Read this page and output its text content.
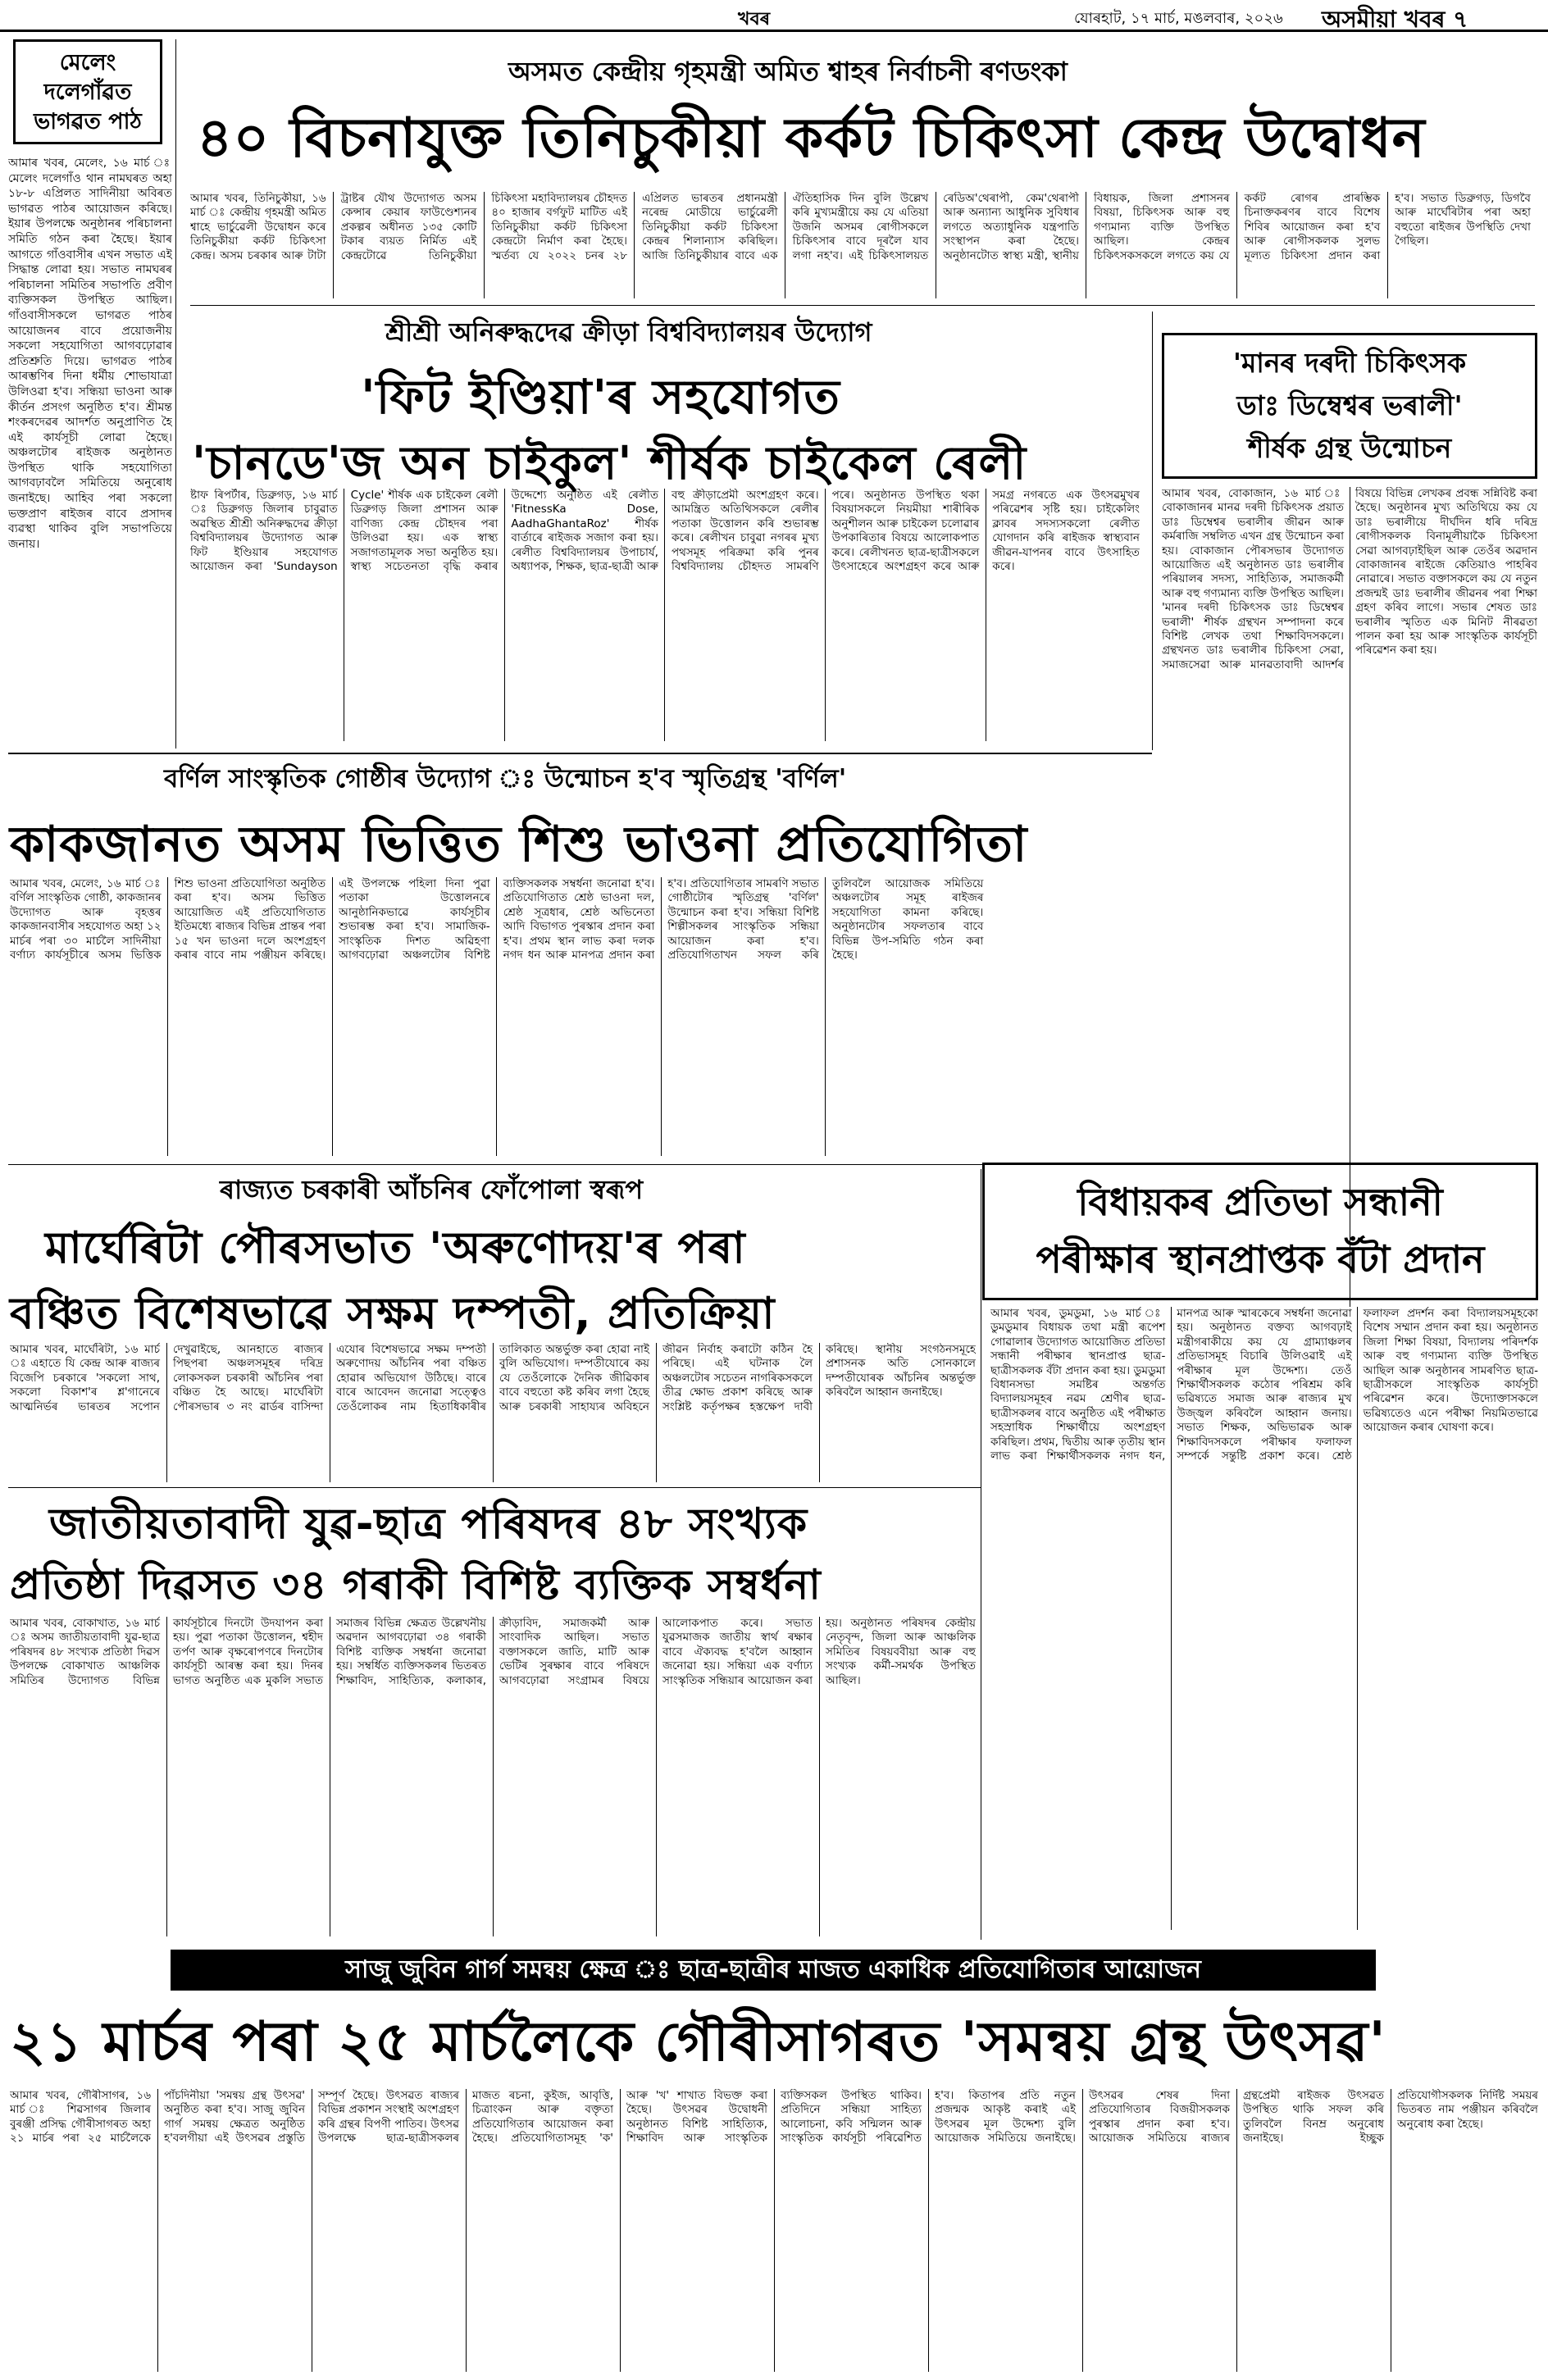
খবৰ	যোৰহাট, ১৭ মাৰ্চ, মঙলবাৰ, ২০২৬ অসমীয়া খবৰ ৭
মেলেং
দলেগাঁৱত
ভাগৱত পাঠ
আমাৰ খবৰ, মেলেং, ১৬ মাৰ্চ ঃ মেলেং দলেগাঁও থান নামঘৰত অহা ১৮-৮ এপ্ৰিলত সাদিনীয়া অবিৰত ভাগৱত পাঠৰ আয়োজন কৰিছে। ইয়াৰ উপলক্ষে অনুষ্ঠানৰ পৰিচালনা সমিতি গঠন কৰা হৈছে। ইয়াৰ আগতে গাঁওবাসীৰ এখন সভাত এই সিদ্ধান্ত লোৱা হয়। সভাত নামঘৰৰ পৰিচালনা সমিতিৰ সভাপতি প্ৰবীণ ব্যক্তিসকল উপস্থিত আছিল। গাঁওবাসীসকলে ভাগৱত পাঠৰ আয়োজনৰ বাবে প্ৰয়োজনীয় সকলো সহযোগিতা আগবঢ়োৱাৰ প্ৰতিশ্ৰুতি দিয়ে। ভাগৱত পাঠৰ আৰম্ভণিৰ দিনা ধৰ্মীয় শোভাযাত্ৰা উলিওৱা হ'ব। সন্ধিয়া ভাওনা আৰু কীৰ্তন প্ৰসংগ অনুষ্ঠিত হ'ব। শ্ৰীমন্ত শংকৰদেৱৰ আদৰ্শত অনুপ্ৰাণিত হৈ এই কাৰ্যসূচী লোৱা হৈছে। অঞ্চলটোৰ ৰাইজক অনুষ্ঠানত উপস্থিত থাকি সহযোগিতা আগবঢ়াবলৈ সমিতিয়ে অনুৰোধ জনাইছে। আহিব পৰা সকলো ভক্তপ্ৰাণ ৰাইজৰ বাবে প্ৰসাদৰ ব্যৱস্থা থাকিব বুলি সভাপতিয়ে জনায়।
অসমত কেন্দ্ৰীয় গৃহমন্ত্ৰী অমিত শ্বাহৰ নিৰ্বাচনী ৰণডংকা
৪০ বিচনাযুক্ত তিনিচুকীয়া কৰ্কট চিকিৎসা কেন্দ্ৰ উদ্বোধন
আমাৰ খবৰ, তিনিচুকীয়া, ১৬ মাৰ্চ ঃ কেন্দ্ৰীয় গৃহমন্ত্ৰী অমিত শ্বাহে ভাৰ্চুৱেলী উদ্বোধন কৰে তিনিচুকীয়া কৰ্কট চিকিৎসা কেন্দ্ৰ। অসম চৰকাৰ আৰু টাটা ট্ৰাষ্টৰ যৌথ উদ্যোগত অসম কেন্সাৰ কেয়াৰ ফাউণ্ডেশ্যনৰ প্ৰকল্পৰ অধীনত ১৩৫ কোটি টকাৰ ব্যয়ত নিৰ্মিত এই কেন্দ্ৰটোৱে তিনিচুকীয়া চিকিৎসা মহাবিদ্যালয়ৰ চৌহদত ৪০ হাজাৰ বৰ্গফুট মাটিত এই তিনিচুকীয়া কৰ্কট চিকিৎসা কেন্দ্ৰটো নিৰ্মাণ কৰা হৈছে। স্মৰ্তব্য যে ২০২২ চনৰ ২৮ এপ্ৰিলত ভাৰতৰ প্ৰধানমন্ত্ৰী নৰেন্দ্ৰ মোডীয়ে ভাৰ্চুৱেলী তিনিচুকীয়া কৰ্কট চিকিৎসা কেন্দ্ৰৰ শিলান্যাস কৰিছিল। আজি তিনিচুকীয়াৰ বাবে এক ঐতিহাসিক দিন বুলি উল্লেখ কৰি মুখ্যমন্ত্ৰীয়ে কয় যে এতিয়া উজনি অসমৰ ৰোগীসকলে চিকিৎসাৰ বাবে দূৰলৈ যাব লগা নহ'ব। এই চিকিৎসালয়ত ৰেডিঅ'থেৰাপী, কেম'থেৰাপী আৰু অন্যান্য আধুনিক সুবিধাৰ লগতে অত্যাধুনিক যন্ত্ৰপাতি সংস্থাপন কৰা হৈছে। অনুষ্ঠানটোত স্বাস্থ্য মন্ত্ৰী, স্থানীয় বিধায়ক, জিলা প্ৰশাসনৰ বিষয়া, চিকিৎসক আৰু বহু গণ্যমান্য ব্যক্তি উপস্থিত আছিল। কেন্দ্ৰৰ চিকিৎসকসকলে লগতে কয় যে কৰ্কট ৰোগৰ প্ৰাৰম্ভিক চিনাক্তকৰণৰ বাবে বিশেষ শিবিৰ আয়োজন কৰা হ'ব আৰু ৰোগীসকলক সুলভ মূল্যত চিকিৎসা প্ৰদান কৰা হ'ব। সভাত ডিব্ৰুগড়, ডিগবৈ আৰু মাৰ্ঘেৰিটাৰ পৰা অহা বহুতো ৰাইজৰ উপস্থিতি দেখা গৈছিল।
শ্ৰীশ্ৰী অনিৰুদ্ধদেৱ ক্ৰীড়া বিশ্ববিদ্যালয়ৰ উদ্যোগ
'ফিট ইণ্ডিয়া'ৰ সহযোগত
'চানডে'জ অন চাইকুল' শীৰ্ষক চাইকেল ৰেলী
ষ্টাফ ৰিপৰ্টাৰ, ডিব্ৰুগড়, ১৬ মাৰ্চ ঃ ডিব্ৰুগড় জিলাৰ চাবুৱাত অৱস্থিত শ্ৰীশ্ৰী অনিৰুদ্ধদেৱ ক্ৰীড়া বিশ্ববিদ্যালয়ৰ উদ্যোগত আৰু ফিট ইণ্ডিয়াৰ সহযোগত আয়োজন কৰা 'Sundayson Cycle' শীৰ্ষক এক চাইকেল ৰেলী ডিব্ৰুগড় জিলা প্ৰশাসন আৰু বাণিজ্য কেন্দ্ৰ চৌহদৰ পৰা উলিওৱা হয়। এক স্বাস্থ্য সজাগতামূলক সভা অনুষ্ঠিত হয়। স্বাস্থ্য সচেতনতা বৃদ্ধি কৰাৰ উদ্দেশ্যে অনুষ্ঠিত এই ৰেলীত 'FitnessKa Dose, AadhaGhantaRoz' শীৰ্ষক বাৰ্তাৰে ৰাইজক সজাগ কৰা হয়। ৰেলীত বিশ্ববিদ্যালয়ৰ উপাচাৰ্য, অধ্যাপক, শিক্ষক, ছাত্ৰ-ছাত্ৰী আৰু বহু ক্ৰীড়াপ্ৰেমী অংশগ্ৰহণ কৰে। আমন্ত্ৰিত অতিথিসকলে ৰেলীৰ পতাকা উত্তোলন কৰি শুভাৰম্ভ কৰে। ৰেলীখন চাবুৱা নগৰৰ মুখ্য পথসমূহ পৰিক্ৰমা কৰি পুনৰ বিশ্ববিদ্যালয় চৌহদত সামৰণি পৰে। অনুষ্ঠানত উপস্থিত থকা বিষয়াসকলে নিয়মীয়া শাৰীৰিক অনুশীলন আৰু চাইকেল চলোৱাৰ উপকাৰিতাৰ বিষয়ে আলোকপাত কৰে। ৰেলীখনত ছাত্ৰ-ছাত্ৰীসকলে উৎসাহেৰে অংশগ্ৰহণ কৰে আৰু সমগ্ৰ নগৰতে এক উৎসৱমুখৰ পৰিৱেশৰ সৃষ্টি হয়। চাইকেলিং ক্লাবৰ সদস্যসকলো ৰেলীত যোগদান কৰি ৰাইজক স্বাস্থ্যবান জীৱন-যাপনৰ বাবে উৎসাহিত কৰে।
'মানৰ দৰদী চিকিৎসক
ডাঃ ডিম্বেশ্বৰ ভৰালী'
শীৰ্ষক গ্ৰন্থ উন্মোচন
আমাৰ খবৰ, বোকাজান, ১৬ মাৰ্চ ঃ বোকাজানৰ মানৱ দৰদী চিকিৎসক প্ৰয়াত ডাঃ ডিম্বেশ্বৰ ভৰালীৰ জীৱন আৰু কৰ্মৰাজি সম্বলিত এখন গ্ৰন্থ উন্মোচন কৰা হয়। বোকাজান পৌৰসভাৰ উদ্যোগত আয়োজিত এই অনুষ্ঠানত ডাঃ ভৰালীৰ পৰিয়ালৰ সদস্য, সাহিত্যিক, সমাজকৰ্মী আৰু বহু গণ্যমান্য ব্যক্তি উপস্থিত আছিল। 'মানৰ দৰদী চিকিৎসক ডাঃ ডিম্বেশ্বৰ ভৰালী' শীৰ্ষক গ্ৰন্থখন সম্পাদনা কৰে বিশিষ্ট লেখক তথা শিক্ষাবিদসকলে। গ্ৰন্থখনত ডাঃ ভৰালীৰ চিকিৎসা সেৱা, সমাজসেৱা আৰু মানৱতাবাদী আদৰ্শৰ বিষয়ে বিভিন্ন লেখকৰ প্ৰবন্ধ সন্নিবিষ্ট কৰা হৈছে। অনুষ্ঠানৰ মুখ্য অতিথিয়ে কয় যে ডাঃ ভৰালীয়ে দীৰ্ঘদিন ধৰি দৰিদ্ৰ ৰোগীসকলক বিনামূলীয়াকৈ চিকিৎসা সেৱা আগবঢ়াইছিল আৰু তেওঁৰ অৱদান বোকাজানৰ ৰাইজে কেতিয়াও পাহৰিব নোৱাৰে। সভাত বক্তাসকলে কয় যে নতুন প্ৰজন্মই ডাঃ ভৰালীৰ জীৱনৰ পৰা শিক্ষা গ্ৰহণ কৰিব লাগে। সভাৰ শেষত ডাঃ ভৰালীৰ স্মৃতিত এক মিনিট নীৰৱতা পালন কৰা হয় আৰু সাংস্কৃতিক কাৰ্যসূচী পৰিৱেশন কৰা হয়।
বৰ্ণিল সাংস্কৃতিক গোষ্ঠীৰ উদ্যোগ ঃ উন্মোচন হ'ব স্মৃতিগ্ৰন্থ 'বৰ্ণিল'
কাকজানত অসম ভিত্তিত শিশু ভাওনা প্ৰতিযোগিতা
আমাৰ খবৰ, মেলেং, ১৬ মাৰ্চ ঃ বৰ্ণিল সাংস্কৃতিক গোষ্ঠী, কাকজানৰ উদ্যোগত আৰু বৃহত্তৰ কাকজানবাসীৰ সহযোগত অহা ১২ মাৰ্চৰ পৰা ৩০ মাৰ্চলৈ সাদিনীয়া বৰ্ণাঢ্য কাৰ্যসূচীৰে অসম ভিত্তিক শিশু ভাওনা প্ৰতিযোগিতা অনুষ্ঠিত কৰা হ'ব। অসম ভিত্তিত আয়োজিত এই প্ৰতিযোগিতাত ইতিমধ্যে ৰাজ্যৰ বিভিন্ন প্ৰান্তৰ পৰা ১৫ খন ভাওনা দলে অংশগ্ৰহণ কৰাৰ বাবে নাম পঞ্জীয়ন কৰিছে। এই উপলক্ষে পহিলা দিনা পুৱা পতাকা উত্তোলনৰে আনুষ্ঠানিকভাৱে কাৰ্যসূচীৰ শুভাৰম্ভ কৰা হ'ব। সামাজিক-সাংস্কৃতিক দিশত অৱিহণা আগবঢ়োৱা অঞ্চলটোৰ বিশিষ্ট ব্যক্তিসকলক সম্বৰ্ধনা জনোৱা হ'ব। প্ৰতিযোগিতাত শ্ৰেষ্ঠ ভাওনা দল, শ্ৰেষ্ঠ সূত্ৰধাৰ, শ্ৰেষ্ঠ অভিনেতা আদি বিভাগত পুৰস্কাৰ প্ৰদান কৰা হ'ব। প্ৰথম স্থান লাভ কৰা দলক নগদ ধন আৰু মানপত্ৰ প্ৰদান কৰা হ'ব। প্ৰতিযোগিতাৰ সামৰণি সভাত গোষ্ঠীটোৰ স্মৃতিগ্ৰন্থ 'বৰ্ণিল' উন্মোচন কৰা হ'ব। সন্ধিয়া বিশিষ্ট শিল্পীসকলৰ সাংস্কৃতিক সন্ধিয়া আয়োজন কৰা হ'ব। প্ৰতিযোগিতাখন সফল কৰি তুলিবলৈ আয়োজক সমিতিয়ে অঞ্চলটোৰ সমূহ ৰাইজৰ সহযোগিতা কামনা কৰিছে। অনুষ্ঠানটোৰ সফলতাৰ বাবে বিভিন্ন উপ-সমিতি গঠন কৰা হৈছে।
ৰাজ্যত চৰকাৰী আঁচনিৰ ফোঁপোলা স্বৰূপ
মাৰ্ঘেৰিটা পৌৰসভাত 'অৰুণোদয়'ৰ পৰা
বঞ্চিত বিশেষভাৱে সক্ষম দম্পতী, প্ৰতিক্ৰিয়া
আমাৰ খবৰ, মাৰ্ঘেৰিটা, ১৬ মাৰ্চ ঃ এহাতে যি কেন্দ্ৰ আৰু ৰাজ্যৰ বিজেপি চৰকাৰে 'সকলো সাথ, সকলো বিকাশ'ৰ শ্ল'গানেৰে আত্মনিৰ্ভৰ ভাৰতৰ সপোন দেখুৱাইছে, আনহাতে ৰাজ্যৰ পিছপৰা অঞ্চলসমূহৰ দৰিদ্ৰ লোকসকল চৰকাৰী আঁচনিৰ পৰা বঞ্চিত হৈ আছে। মাৰ্ঘেৰিটা পৌৰসভাৰ ৩ নং ৱাৰ্ডৰ বাসিন্দা এযোৰ বিশেষভাৱে সক্ষম দম্পতী অৰুণোদয় আঁচনিৰ পৰা বঞ্চিত হোৱাৰ অভিযোগ উঠিছে। বাৰে বাৰে আবেদন জনোৱা সত্ত্বেও তেওঁলোকৰ নাম হিতাধিকাৰীৰ তালিকাত অন্তৰ্ভুক্ত কৰা হোৱা নাই বুলি অভিযোগ। দম্পতীযোৰে কয় যে তেওঁলোকে দৈনিক জীৱিকাৰ বাবে বহুতো কষ্ট কৰিব লগা হৈছে আৰু চৰকাৰী সাহায্যৰ অবিহনে জীৱন নিৰ্বাহ কৰাটো কঠিন হৈ পৰিছে। এই ঘটনাক লৈ অঞ্চলটোৰ সচেতন নাগৰিকসকলে তীব্ৰ ক্ষোভ প্ৰকাশ কৰিছে আৰু সংশ্লিষ্ট কৰ্তৃপক্ষৰ হস্তক্ষেপ দাবী কৰিছে। স্থানীয় সংগঠনসমূহে প্ৰশাসনক অতি সোনকালে দম্পতীযোৰক আঁচনিৰ অন্তৰ্ভুক্ত কৰিবলৈ আহ্বান জনাইছে।
বিধায়কৰ প্ৰতিভা সন্ধানী
পৰীক্ষাৰ স্থানপ্ৰাপ্তক বঁটা প্ৰদান
আমাৰ খবৰ, ডুমডুমা, ১৬ মাৰ্চ ঃ ডুমডুমাৰ বিধায়ক তথা মন্ত্ৰী ৰূপেশ গোৱালাৰ উদ্যোগত আয়োজিত প্ৰতিভা সন্ধানী পৰীক্ষাৰ স্থানপ্ৰাপ্ত ছাত্ৰ-ছাত্ৰীসকলক বঁটা প্ৰদান কৰা হয়। ডুমডুমা বিধানসভা সমষ্টিৰ অন্তৰ্গত বিদ্যালয়সমূহৰ নৱম শ্ৰেণীৰ ছাত্ৰ-ছাত্ৰীসকলৰ বাবে অনুষ্ঠিত এই পৰীক্ষাত সহস্ৰাধিক শিক্ষাৰ্থীয়ে অংশগ্ৰহণ কৰিছিল। প্ৰথম, দ্বিতীয় আৰু তৃতীয় স্থান লাভ কৰা শিক্ষাৰ্থীসকলক নগদ ধন, মানপত্ৰ আৰু স্মাৰকেৰে সম্বৰ্ধনা জনোৱা হয়। অনুষ্ঠানত বক্তব্য আগবঢ়াই মন্ত্ৰীগৰাকীয়ে কয় যে গ্ৰাম্যাঞ্চলৰ প্ৰতিভাসমূহ বিচাৰি উলিওৱাই এই পৰীক্ষাৰ মূল উদ্দেশ্য। তেওঁ শিক্ষাৰ্থীসকলক কঠোৰ পৰিশ্ৰম কৰি ভৱিষ্যতে সমাজ আৰু ৰাজ্যৰ মুখ উজ্জ্বল কৰিবলৈ আহ্বান জনায়। সভাত শিক্ষক, অভিভাৱক আৰু শিক্ষাবিদসকলে পৰীক্ষাৰ ফলাফল সম্পৰ্কে সন্তুষ্টি প্ৰকাশ কৰে। শ্ৰেষ্ঠ ফলাফল প্ৰদৰ্শন কৰা বিদ্যালয়সমূহকো বিশেষ সম্মান প্ৰদান কৰা হয়। অনুষ্ঠানত জিলা শিক্ষা বিষয়া, বিদ্যালয় পৰিদৰ্শক আৰু বহু গণ্যমান্য ব্যক্তি উপস্থিত আছিল আৰু অনুষ্ঠানৰ সামৰণিত ছাত্ৰ-ছাত্ৰীসকলে সাংস্কৃতিক কাৰ্যসূচী পৰিৱেশন কৰে। উদ্যোক্তাসকলে ভৱিষ্যতেও এনে পৰীক্ষা নিয়মিতভাৱে আয়োজন কৰাৰ ঘোষণা কৰে।
জাতীয়তাবাদী যুৱ-ছাত্ৰ পৰিষদৰ ৪৮ সংখ্যক
প্ৰতিষ্ঠা দিৱসত ৩৪ গৰাকী বিশিষ্ট ব্যক্তিক সম্বৰ্ধনা
আমাৰ খবৰ, বোকাখাত, ১৬ মাৰ্চ ঃ অসম জাতীয়তাবাদী যুৱ-ছাত্ৰ পৰিষদৰ ৪৮ সংখ্যক প্ৰতিষ্ঠা দিৱস উপলক্ষে বোকাখাত আঞ্চলিক সমিতিৰ উদ্যোগত বিভিন্ন কাৰ্যসূচীৰে দিনটো উদযাপন কৰা হয়। পুৱা পতাকা উত্তোলন, শ্বহীদ তৰ্পণ আৰু বৃক্ষৰোপণৰে দিনটোৰ কাৰ্যসূচী আৰম্ভ কৰা হয়। দিনৰ ভাগত অনুষ্ঠিত এক মুকলি সভাত সমাজৰ বিভিন্ন ক্ষেত্ৰত উল্লেখনীয় অৱদান আগবঢ়োৱা ৩৪ গৰাকী বিশিষ্ট ব্যক্তিক সম্বৰ্ধনা জনোৱা হয়। সম্বৰ্ধিত ব্যক্তিসকলৰ ভিতৰত শিক্ষাবিদ, সাহিত্যিক, কলাকাৰ, ক্ৰীড়াবিদ, সমাজকৰ্মী আৰু সাংবাদিক আছিল। সভাত বক্তাসকলে জাতি, মাটি আৰু ভেটিৰ সুৰক্ষাৰ বাবে পৰিষদে আগবঢ়োৱা সংগ্ৰামৰ বিষয়ে আলোকপাত কৰে। সভাত যুৱসমাজক জাতীয় স্বাৰ্থ ৰক্ষাৰ বাবে ঐক্যবদ্ধ হ'বলৈ আহ্বান জনোৱা হয়। সন্ধিয়া এক বৰ্ণাঢ্য সাংস্কৃতিক সন্ধিয়াৰ আয়োজন কৰা হয়। অনুষ্ঠানত পৰিষদৰ কেন্দ্ৰীয় নেতৃবৃন্দ, জিলা আৰু আঞ্চলিক সমিতিৰ বিষয়ববীয়া আৰু বহু সংখ্যক কৰ্মী-সমৰ্থক উপস্থিত আছিল।
সাজু জুবিন গাৰ্গ সমন্বয় ক্ষেত্ৰ ঃ ছাত্ৰ-ছাত্ৰীৰ মাজত একাধিক প্ৰতিযোগিতাৰ আয়োজন
২১ মাৰ্চৰ পৰা ২৫ মাৰ্চলৈকে গৌৰীসাগৰত 'সমন্বয় গ্ৰন্থ উৎসৱ'
আমাৰ খবৰ, গৌৰীসাগৰ, ১৬ মাৰ্চ ঃ শিৱসাগৰ জিলাৰ বুৰঞ্জী প্ৰসিদ্ধ গৌৰীসাগৰত অহা ২১ মাৰ্চৰ পৰা ২৫ মাৰ্চলৈকে পাঁচদিনীয়া 'সমন্বয় গ্ৰন্থ উৎসৱ' অনুষ্ঠিত কৰা হ'ব। সাজু জুবিন গাৰ্গ সমন্বয় ক্ষেত্ৰত অনুষ্ঠিত হ'বলগীয়া এই উৎসৱৰ প্ৰস্তুতি সম্পূৰ্ণ হৈছে। উৎসৱত ৰাজ্যৰ বিভিন্ন প্ৰকাশন সংস্থাই অংশগ্ৰহণ কৰি গ্ৰন্থৰ বিপণী পাতিব। উৎসৱ উপলক্ষে ছাত্ৰ-ছাত্ৰীসকলৰ মাজত ৰচনা, কুইজ, আবৃত্তি, চিত্ৰাংকন আৰু বক্তৃতা প্ৰতিযোগিতাৰ আয়োজন কৰা হৈছে। প্ৰতিযোগিতাসমূহ 'ক' আৰু 'খ' শাখাত বিভক্ত কৰা হৈছে। উৎসৱৰ উদ্বোধনী অনুষ্ঠানত বিশিষ্ট সাহিত্যিক, শিক্ষাবিদ আৰু সাংস্কৃতিক ব্যক্তিসকল উপস্থিত থাকিব। প্ৰতিদিনে সন্ধিয়া সাহিত্য আলোচনা, কবি সন্মিলন আৰু সাংস্কৃতিক কাৰ্যসূচী পৰিৱেশিত হ'ব। কিতাপৰ প্ৰতি নতুন প্ৰজন্মক আকৃষ্ট কৰাই এই উৎসৱৰ মূল উদ্দেশ্য বুলি আয়োজক সমিতিয়ে জনাইছে। উৎসৱৰ শেষৰ দিনা প্ৰতিযোগিতাৰ বিজয়ীসকলক পুৰস্কাৰ প্ৰদান কৰা হ'ব। আয়োজক সমিতিয়ে ৰাজ্যৰ গ্ৰন্থপ্ৰেমী ৰাইজক উৎসৱত উপস্থিত থাকি সফল কৰি তুলিবলৈ বিনম্ৰ অনুৰোধ জনাইছে। ইচ্ছুক প্ৰতিযোগীসকলক নিৰ্দিষ্ট সময়ৰ ভিতৰত নাম পঞ্জীয়ন কৰিবলৈ অনুৰোধ কৰা হৈছে।
